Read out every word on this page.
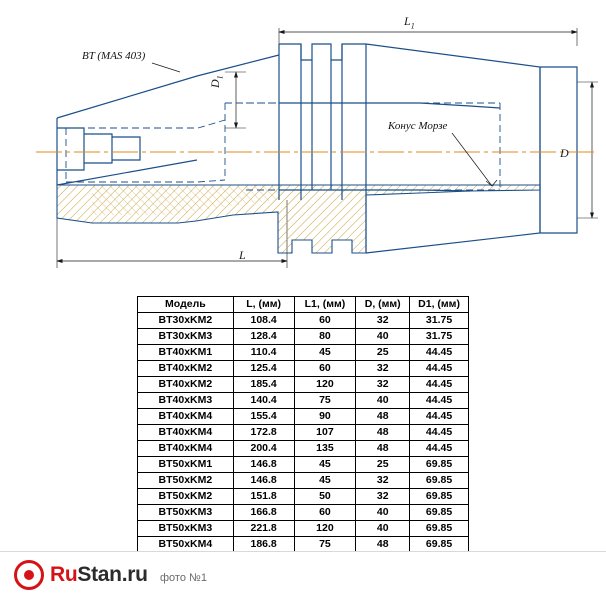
BT (MAS 403)
Конус Морзе
L
$L_1$
D
$D_1$
Модель	L, (мм)	L1, (мм)	D, (мм)	D1, (мм)
BT30xKM2	108.4	60	32	31.75
BT30xKM3	128.4	80	40	31.75
BT40xKM1	110.4	45	25	44.45
BT40xKM2	125.4	60	32	44.45
BT40xKM2	185.4	120	32	44.45
BT40xKM3	140.4	75	40	44.45
BT40xKM4	155.4	90	48	44.45
BT40xKM4	172.8	107	48	44.45
BT40xKM4	200.4	135	48	44.45
BT50xKM1	146.8	45	25	69.85
BT50xKM2	146.8	45	32	69.85
BT50xKM2	151.8	50	32	69.85
BT50xKM3	166.8	60	40	69.85
BT50xKM3	221.8	120	40	69.85
BT50xKM4	186.8	75	48	69.85

RuStan.ru фото №1
